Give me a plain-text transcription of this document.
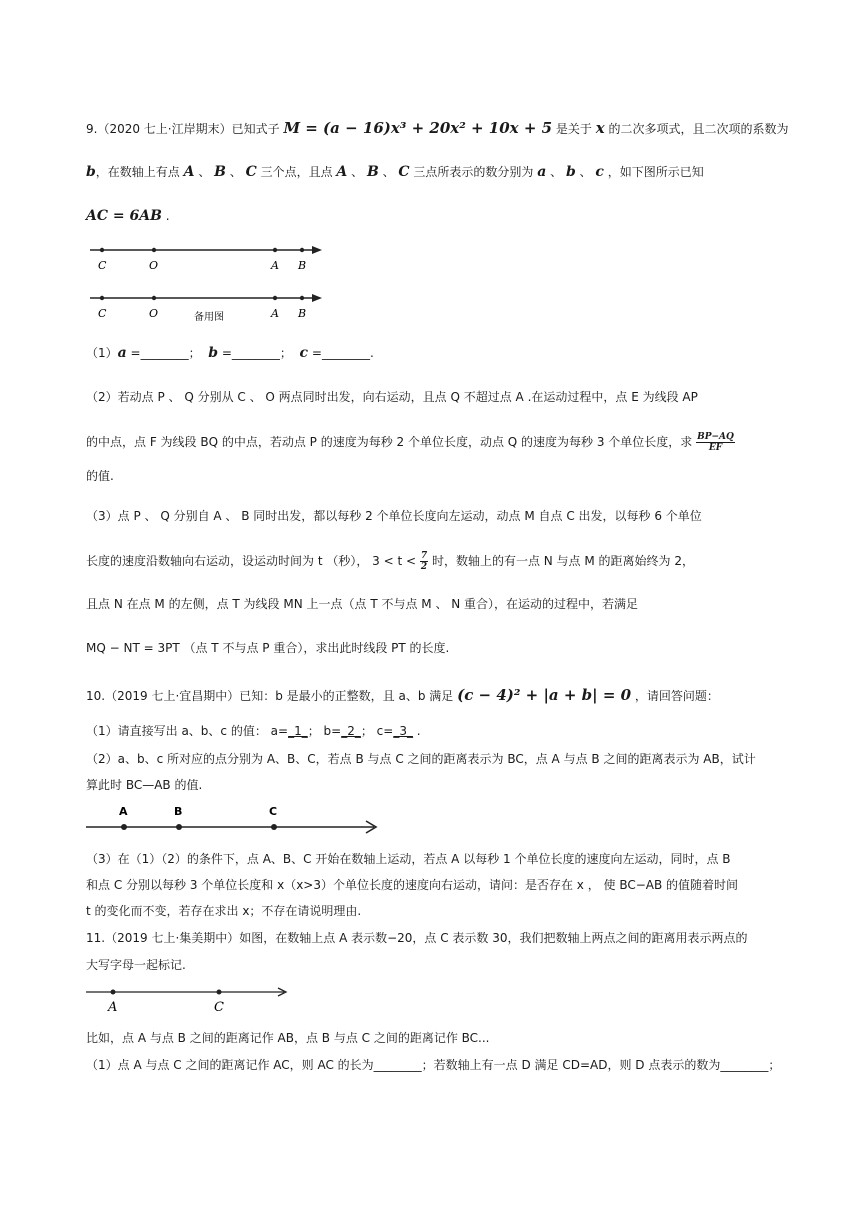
9.（2020 七上·江岸期末）已知式子 M = (a − 16)x³ + 20x² + 10x + 5 是关于 x 的二次多项式，且二次项的系数为
b，在数轴上有点 A 、 B 、 C 三个点，且点 A 、 B 、 C 三点所表示的数分别为 a 、 b 、 c ，如下图所示已知
AC = 6AB .
C	O	A B
C	O	A B
备用图
（1）a =________； b =________； c =________.
（2）若动点 P 、 Q 分别从 C 、 O 两点同时出发，向右运动，且点 Q 不超过点 A .在运动过程中，点 E 为线段 AP
的中点，点 F 为线段 BQ 的中点，若动点 P 的速度为每秒 2 个单位长度，动点 Q 的速度为每秒 3 个单位长度，求 $\frac{BP-AQ}{EF}$
的值.
（3）点 P 、 Q 分别自 A 、 B 同时出发，都以每秒 2 个单位长度向左运动，动点 M 自点 C 出发，以每秒 6 个单位
长度的速度沿数轴向右运动，设运动时间为 t （秒）， $3 < t < \frac{7}{2}$ 时，数轴上的有一点 N 与点 M 的距离始终为 2，
且点 N 在点 M 的左侧，点 T 为线段 MN 上一点（点 T 不与点 M 、 N 重合），在运动的过程中，若满足
MQ − NT = 3PT （点 T 不与点 P 重合），求出此时线段 PT 的长度.
10.（2019 七上·宜昌期中）已知：b 是最小的正整数，且 a、b 满足 (c − 4)² + |a + b| = 0 ，请回答问题：
（1）请直接写出 a、b、c 的值： a=_1_； b=_2_； c=_3_ .
（2）a、b、c 所对应的点分别为 A、B、C，若点 B 与点 C 之间的距离表示为 BC，点 A 与点 B 之间的距离表示为 AB，试计
算此时 BC—AB 的值.
A	B	C
（3）在（1）（2）的条件下，点 A、B、C 开始在数轴上运动，若点 A 以每秒 1 个单位长度的速度向左运动，同时，点 B
和点 C 分别以每秒 3 个单位长度和 x（x>3）个单位长度的速度向右运动，请问：是否存在 x ， 使 BC−AB 的值随着时间
t 的变化而不变，若存在求出 x；不存在请说明理由.
11.（2019 七上·集美期中）如图，在数轴上点 A 表示数−20，点 C 表示数 30，我们把数轴上两点之间的距离用表示两点的
大写字母一起标记.
A	C
比如，点 A 与点 B 之间的距离记作 AB，点 B 与点 C 之间的距离记作 BC...
（1）点 A 与点 C 之间的距离记作 AC，则 AC 的长为________；若数轴上有一点 D 满足 CD=AD，则 D 点表示的数为________；
